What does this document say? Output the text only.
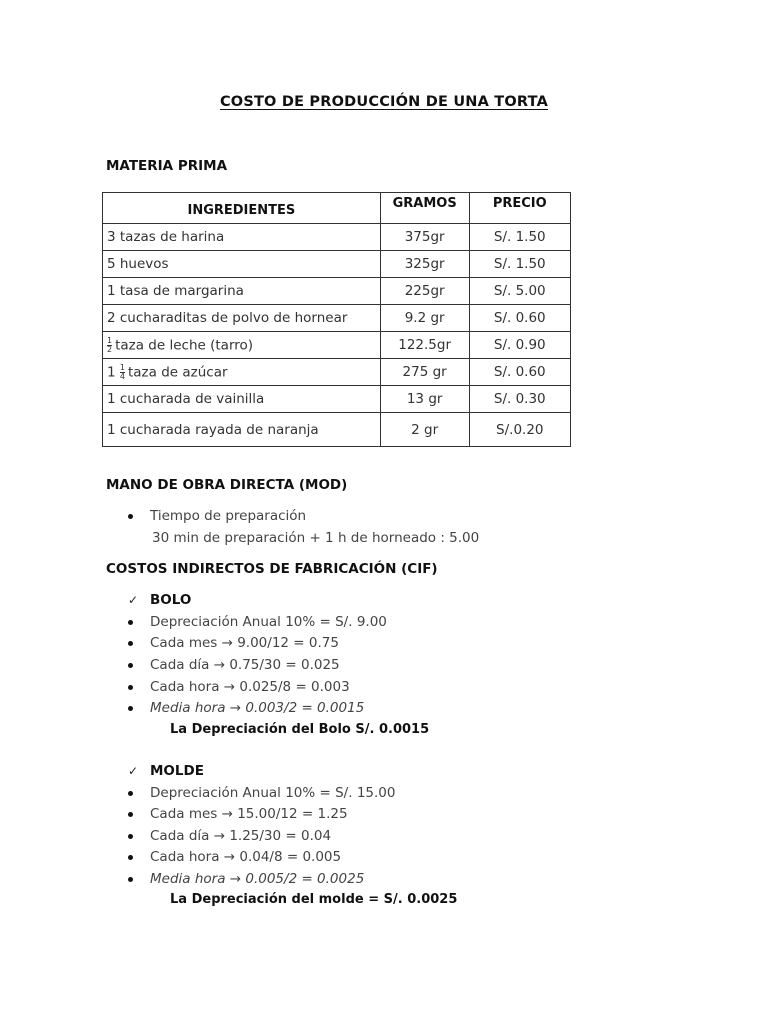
COSTO DE PRODUCCIÓN DE UNA TORTA
MATERIA PRIMA
INGREDIENTES	GRAMOS	PRECIO
3 tazas de harina	375gr	S/. 1.50
5 huevos	325gr	S/. 1.50
1 tasa de margarina	225gr	S/. 5.00
2 cucharaditas de polvo de hornear	9.2 gr	S/. 0.60

$\frac{1}{2}$ taza de leche (tarro)	122.5gr	S/. 0.90
$1 \frac{1}{4}$ taza de azúcar	275 gr	S/. 0.60
1 cucharada de vainilla	13 gr	S/. 0.30
1 cucharada rayada de naranja	2 gr	S/.0.20
MANO DE OBRA DIRECTA (MOD)
Tiempo de preparación
30 min de preparación + 1 h de horneado : 5.00
COSTOS INDIRECTOS DE FABRICACIÓN (CIF)
✓ BOLO
Depreciación Anual 10% = S/. 9.00
Cada mes → 9.00/12 = 0.75
Cada día → 0.75/30 = 0.025
Cada hora → 0.025/8 = 0.003
Media hora → 0.003/2 = 0.0015
La Depreciación del Bolo S/. 0.0015
✓ MOLDE
Depreciación Anual 10% = S/. 15.00
Cada mes → 15.00/12 = 1.25
Cada día → 1.25/30 = 0.04
Cada hora → 0.04/8 = 0.005
Media hora → 0.005/2 = 0.0025
La Depreciación del molde = S/. 0.0025
